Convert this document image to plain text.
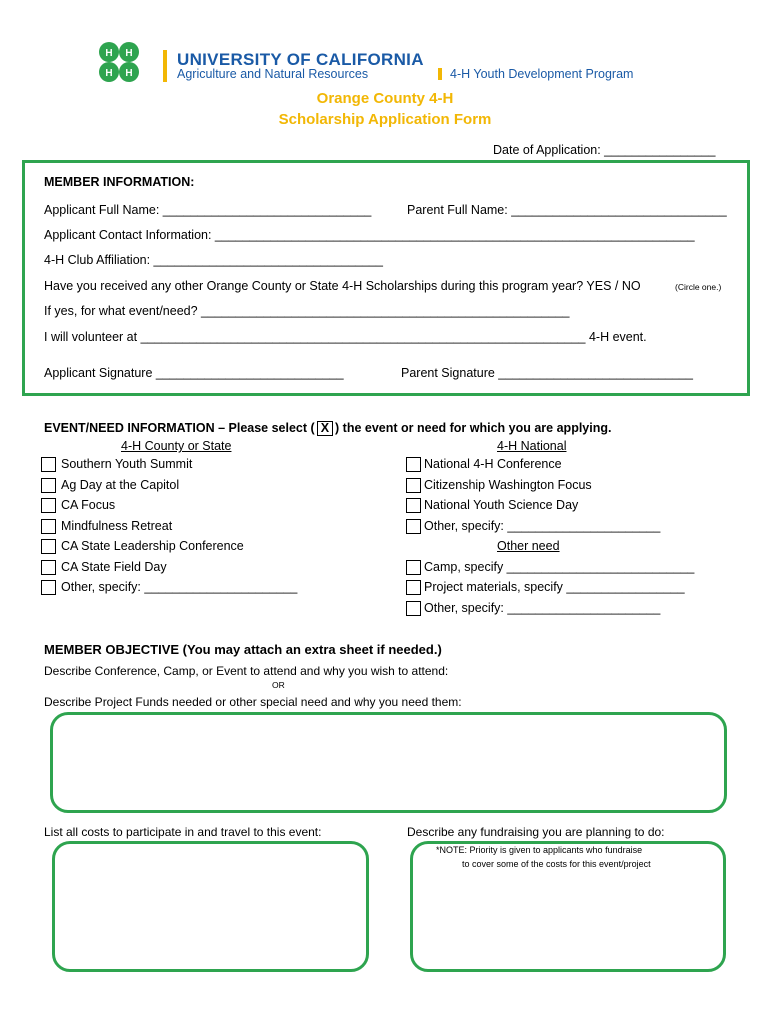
H H
H H
UNIVERSITY OF CALIFORNIA
Agriculture and Natural Resources	4-H Youth Development Program
Orange County 4-H
Scholarship Application Form
Date of Application: ________________
MEMBER INFORMATION:
Applicant Full Name: ______________________________	Parent Full Name: _______________________________
Applicant Contact Information: _____________________________________________________________________
4-H Club Affiliation: _________________________________
Have you received any other Orange County or State 4-H Scholarships during this program year? YES / NO	(Circle one.)
If yes, for what event/need? _____________________________________________________
I will volunteer at ________________________________________________________________ 4-H event.
Applicant Signature ___________________________	Parent Signature ____________________________
EVENT/NEED INFORMATION – Please select ( X ) the event or need for which you are applying.
4-H County or State	4-H National
Southern Youth Summit
Ag Day at the Capitol
CA Focus
Mindfulness Retreat
CA State Leadership Conference
CA State Field Day
Other, specify: ______________________
National 4-H Conference
Citizenship Washington Focus
National Youth Science Day
Other, specify: ______________________
Other need
Camp, specify ___________________________
Project materials, specify _________________
Other, specify: ______________________
MEMBER OBJECTIVE (You may attach an extra sheet if needed.)
Describe Conference, Camp, or Event to attend and why you wish to attend:
OR
Describe Project Funds needed or other special need and why you need them:
List all costs to participate in and travel to this event:	Describe any fundraising you are planning to do:
*NOTE: Priority is given to applicants who fundraise
to cover some of the costs for this event/project
